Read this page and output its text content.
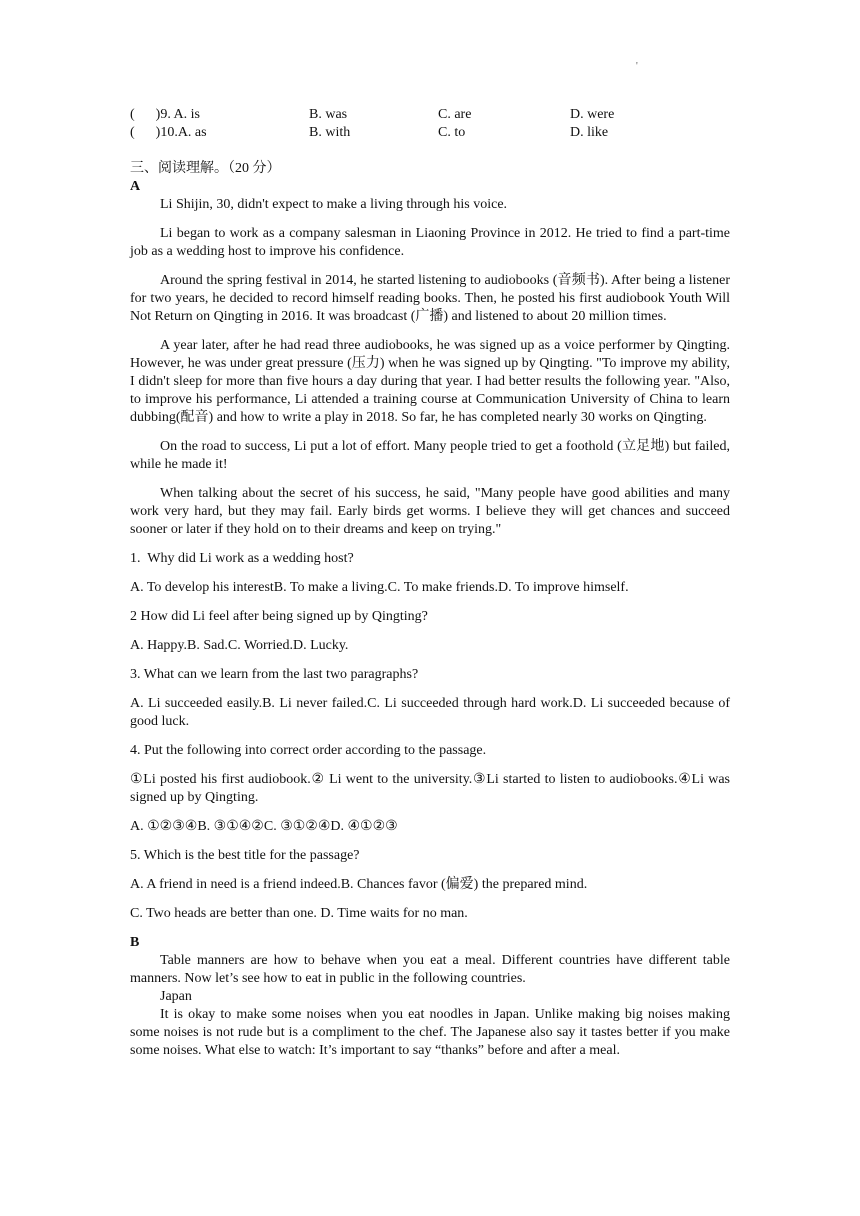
'
(      )9. A. is	B. was	C. are	D. were
(      )10.A. as	B. with	C. to	D. like

三、阅读理解。（20 分）

A

Li Shijin, 30, didn't expect to make a living through his voice.

Li began to work as a company salesman in Liaoning Province in 2012. He tried to find a part-time job as a wedding host to improve his confidence.

Around the spring festival in 2014, he started listening to audiobooks (音频书). After being a listener for two years, he decided to record himself reading books. Then, he posted his first audiobook Youth Will Not Return on Qingting in 2016. It was broadcast (广播) and listened to about 20 million times.

A year later, after he had read three audiobooks, he was signed up as a voice performer by Qingting. However, he was under great pressure (压力) when he was signed up by Qingting. "To improve my ability, I didn't sleep for more than five hours a day during that year. I had better results the following year. "Also, to improve his performance, Li attended a training course at Communication University of China to learn dubbing(配音) and how to write a play in 2018. So far, he has completed nearly 30 works on Qingting.

On the road to success, Li put a lot of effort. Many people tried to get a foothold (立足地) but failed, while he made it!

When talking about the secret of his success, he said, "Many people have good abilities and many work very hard, but they may fail. Early birds get worms. I believe they will get chances and succeed sooner or later if they hold on to their dreams and keep on trying."

1.  Why did Li work as a wedding host?

A. To develop his interestB. To make a living.C. To make friends.D. To improve himself.

2 How did Li feel after being signed up by Qingting?

A. Happy.B. Sad.C. Worried.D. Lucky.

3. What can we learn from the last two paragraphs?

A. Li succeeded easily.B. Li never failed.C. Li succeeded through hard work.D. Li succeeded because of good luck.

4. Put the following into correct order according to the passage.

①Li posted his first audiobook.② Li went to the university.③Li started to listen to audiobooks.④Li was signed up by Qingting.

A. ①②③④B. ③①④②C. ③①②④D. ④①②③

5. Which is the best title for the passage?

A. A friend in need is a friend indeed.B. Chances favor (偏爱) the prepared mind.

C. Two heads are better than one. D. Time waits for no man.

B

Table manners are how to behave when you eat a meal. Different countries have different table manners. Now let’s see how to eat in public in the following countries.

Japan

It is okay to make some noises when you eat noodles in Japan. Unlike making big noises making some noises is not rude but is a compliment to the chef. The Japanese also say it tastes better if you make some noises. What else to watch: It’s important to say “thanks” before and after a meal.
